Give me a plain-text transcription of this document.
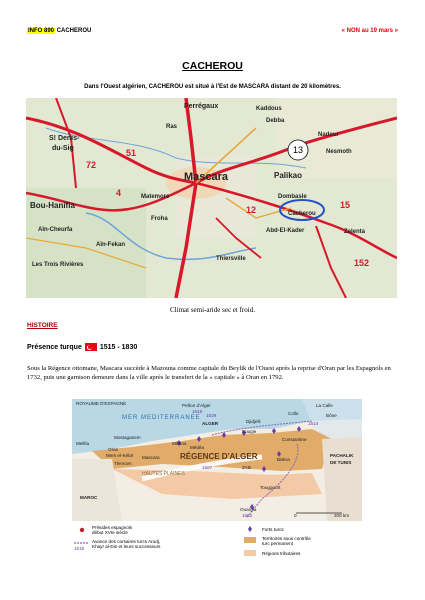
INFO 890 CACHEROU	« NON au 19 mars »
CACHEROU
Dans l'Ouest algérien, CACHEROU est situé à l'Est de MASCARA distant de 20 kilomètres.
13
Perrégaux	Kaddous
Debba
S! Denis-
du-Sig
Mascara	Palikao
Dombasle
Cacherou
Abd-El-Kader
Bou-Hanifia
Aïn-Cheurfa
Aïn-Fekan
Les Trois Rivières
Thiersville
Zelenta
Matemore
Froha
Nadour
Nesmoth
Ras
72
4
12	15
152
51
Climat semi-aride sec et froid.
HISTOIRE
Présence turque	1515 - 1830
Sous la Régence ottomane, Mascara succède à Mazouna comme capitale du Beylik de l'Ouest après la reprise d'Oran par les Espagnols en 1732, puis une garnison demeure dans la ville après le transfert de la « capitale » à Oran en 1792.
ROYAUME D'ESPAGNE
MER MEDITERRANEE
Peñon d'Alger
ALGER	Djidjelli
Collo
La Calle
Bône
Bougie
Constantine
Médéa
Miliana
Mostaganem
Oran
Mers el-Kébir
Melilla
Tlemcen
Mascara	RÉGENCE D'ALGER
HAUTES PLAINES
ZAB
Biskra
Touggourt
Ouargla
PACHALIK
DE TUNIS
MAROC
1516
1514
1529
1587
1552	0	200 km
Présides espagnols
début XVIe siècle
1516
Avance des corsaires turcs Arudj,
Khayr al-Din et leurs successeurs
Forts turcs
Territoires sous contrôle
turc permanent
Régions tributaires
